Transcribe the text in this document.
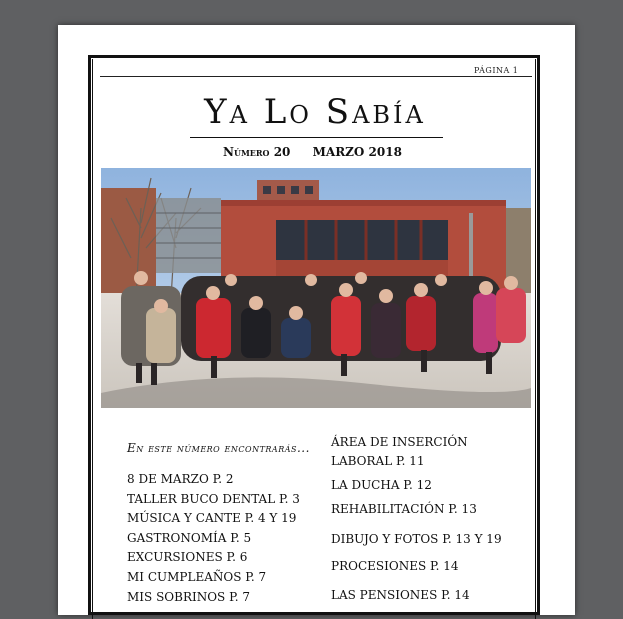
PÁGINA 1
Ya Lo Sabía
Número 20 MARZO 2018
En este número encontrarás...
8 DE MARZO P. 2
TALLER BUCO DENTAL P. 3
MÚSICA Y CANTE P. 4 Y 19
GASTRONOMÍA P. 5
EXCURSIONES P. 6
MI CUMPLEAÑOS P. 7
MIS SOBRINOS P. 7
ÁREA DE INSERCIÓN
LABORAL P. 11
LA DUCHA P. 12
REHABILITACIÓN P. 13
DIBUJO Y FOTOS P. 13 Y 19
PROCESIONES P. 14
LAS PENSIONES P. 14
